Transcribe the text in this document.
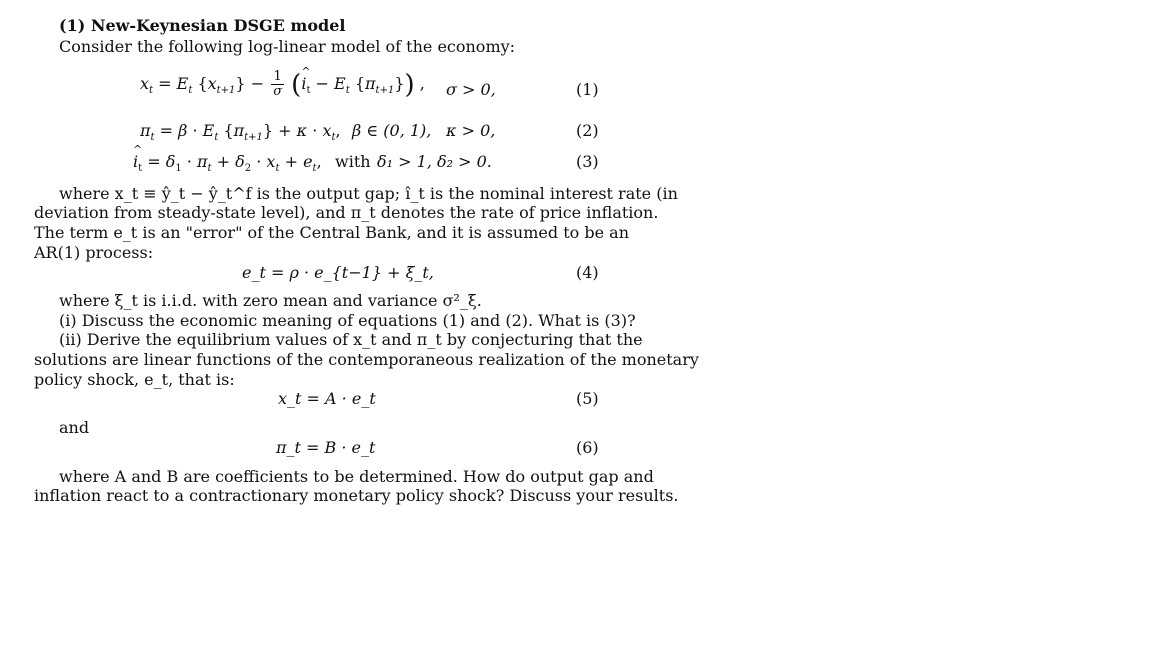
(1) New-Keynesian DSGE model
Consider the following log-linear model of the economy:
$x_t = E_t$ $\{x_{t+1}\} - \frac{1}{\sigma}$ (^ $i_t - E_t$ $\{\pi_{t+1}\}$) , σ > 0,	(1)
$\pi_t = \beta \cdot E_t$ $\{\pi_{t+1}\} + \kappa \cdot x_t$, β ∈ (0, 1), κ > 0,	(2)
^ $i_t = \delta_1 \cdot \pi_t + \delta_2 \cdot x_t + e_t$, with δ₁ > 1, δ₂ > 0.	(3)
where x_t ≡ ŷ_t − ŷ_t^f is the output gap; î_t is the nominal interest rate (in
deviation from steady-state level), and π_t denotes the rate of price inflation.
The term e_t is an "error" of the Central Bank, and it is assumed to be an
AR(1) process:
e_t = ρ · e_{t−1} + ξ_t,	(4)
where ξ_t is i.i.d. with zero mean and variance σ²_ξ.
(i) Discuss the economic meaning of equations (1) and (2). What is (3)?
(ii) Derive the equilibrium values of x_t and π_t by conjecturing that the
solutions are linear functions of the contemporaneous realization of the monetary
policy shock, e_t, that is:
x_t = A · e_t	(5)
and
π_t = B · e_t	(6)
where A and B are coefficients to be determined. How do output gap and
inflation react to a contractionary monetary policy shock? Discuss your results.
